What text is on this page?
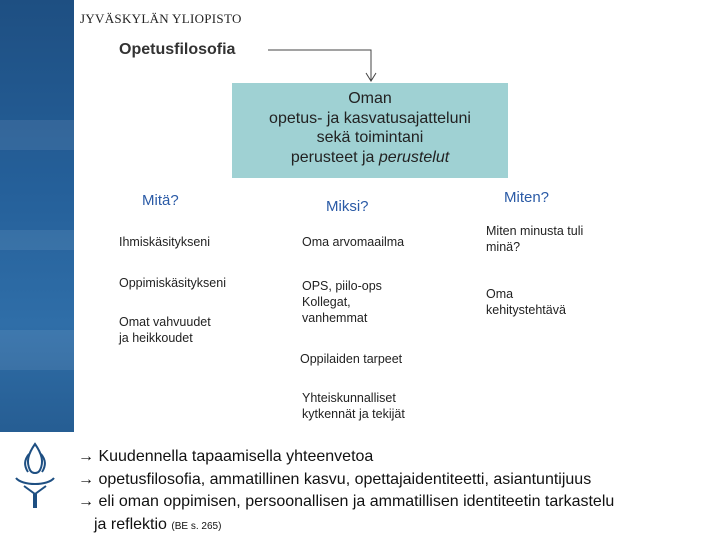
JYVÄSKYLÄN YLIOPISTO
Opetusfilosofia
Oman
opetus- ja kasvatusajatteluni
sekä toimintani
perusteet ja perustelut
Mitä?	Miksi?
Miten?
Ihmiskäsitykseni
Oppimiskäsitykseni
Omat vahvuudet
ja heikkoudet
Oma arvomaailma
OPS, piilo-ops
Kollegat,
vanhemmat
Oppilaiden tarpeet
Yhteiskunnalliset
kytkennät ja tekijät
Miten minusta tuli
minä?
Oma
kehitystehtävä
→ Kuudennella tapaamisella yhteenvetoa
→ opetusfilosofia, ammatillinen kasvu, opettajaidentiteetti, asiantuntijuus
→ eli oman oppimisen, persoonallisen ja ammatillisen identiteetin tarkastelu
ja reflektio (BE s. 265)
